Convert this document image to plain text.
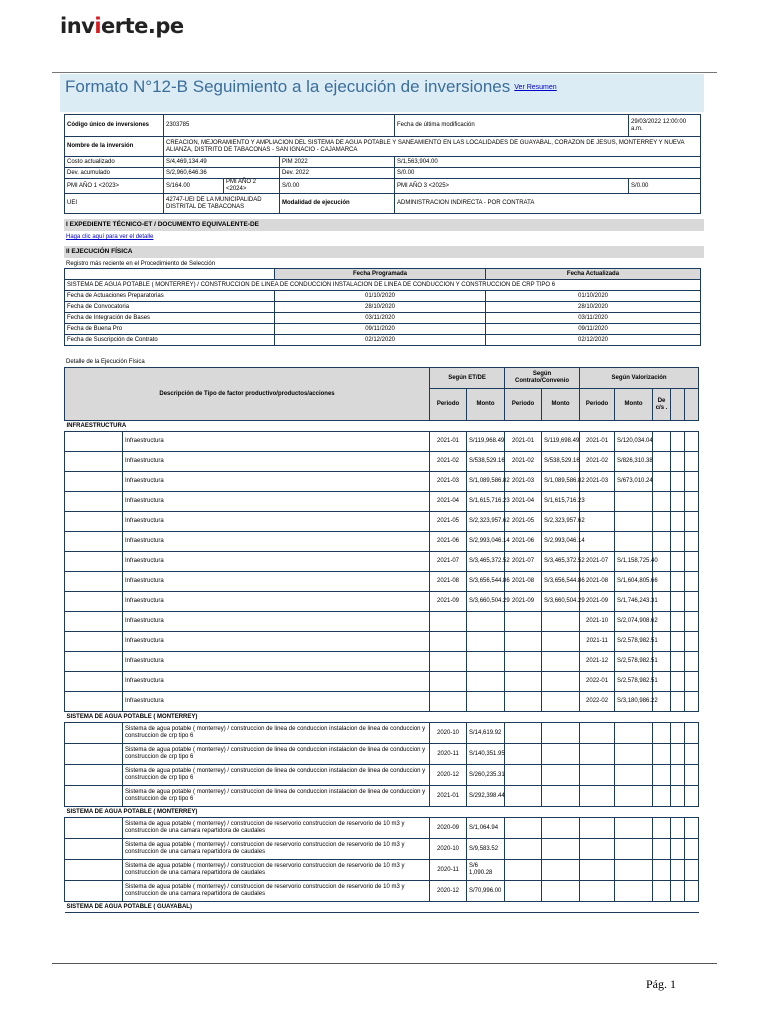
invierte.pe
Formato N°12-B Seguimiento a la ejecución de inversiones Ver Resumen
Código único de inversiones	2303785			Fecha de última modificación	29/03/2022 12:00:00 a.m.
Nombre de la inversión	CREACION, MEJORAMIENTO Y AMPLIACION DEL SISTEMA DE AGUA POTABLE Y SANEAMIENTO EN LAS LOCALIDADES DE GUAYABAL, CORAZON DE JESUS, MONTERREY Y NUEVA ALIANZA, DISTRITO DE TABACONAS - SAN IGNACIO - CAJAMARCA				
Costo actualizado	S/4,469,134.49		PIM 2022	S/1,563,904.00	
Dev. acumulado	S/2,960,646.36		Dev. 2022	S/0.00	
PMI AÑO 1 <2023>	S/164.00	PMI AÑO 2 <2024>	S/0.00	PMI AÑO 3 <2025>	S/0.00
UEI	42747-UEI DE LA MUNICIPALIDAD DISTRITAL DE TABACONAS		Modalidad de ejecución	ADMINISTRACION INDIRECTA - POR CONTRATA	
I EXPEDIENTE TÉCNICO-ET / DOCUMENTO EQUIVALENTE-DE
Haga clic aquí para ver el detalle
II EJECUCIÓN FÍSICA
Registro más reciente en el Procedimiento de Selección
	Fecha Programada	Fecha Actualizada
SISTEMA DE AGUA POTABLE ( MONTERREY) / CONSTRUCCION DE LINEA DE CONDUCCION INSTALACION DE LINEA DE CONDUCCION Y CONSTRUCCION DE CRP TIPO 6		
Fecha de Actuaciones Preparatorias	01/10/2020	01/10/2020
Fecha de Convocatoria	28/10/2020	28/10/2020
Fecha de Integración de Bases	03/11/2020	03/11/2020
Fecha de Buena Pro	09/11/2020	09/11/2020
Fecha de Suscripción de Contrato	02/12/2020	02/12/2020
Detalle de la Ejecución Física
Descripción de Tipo de factor productivo/productos/acciones		Según ET/DE		Según Contrato/Convenio		Según Valorización				
		Periodo	Monto	Periodo	Monto	Periodo	Monto	De c/s .		
INFRAESTRUCTURA										
	Infraestructura	2021-01	S/119,968.49	2021-01	S/119,698.49	2021-01	S/120,034.04			
	Infraestructura	2021-02	S/538,529.16	2021-02	S/538,529.16	2021-02	S/826,310.38			
	Infraestructura	2021-03	S/1,089,586.82	2021-03	S/1,089,586.82	2021-03	S/673,010.24			
	Infraestructura	2021-04	S/1,615,716.23	2021-04	S/1,615,716.23					
	Infraestructura	2021-05	S/2,323,957.62	2021-05	S/2,323,957.62					
	Infraestructura	2021-06	S/2,993,046.14	2021-06	S/2,993,046.14					
	Infraestructura	2021-07	S/3,465,372.52	2021-07	S/3,465,372.52	2021-07	S/1,158,725.40			
	Infraestructura	2021-08	S/3,656,544.86	2021-08	S/3,656,544.86	2021-08	S/1,604,805.66			
	Infraestructura	2021-09	S/3,660,504.29	2021-09	S/3,660,504.29	2021-09	S/1,746,243.31			
	Infraestructura					2021-10	S/2,074,908.62			
	Infraestructura					2021-11	S/2,578,982.51			
	Infraestructura					2021-12	S/2,578,982.51			
	Infraestructura					2022-01	S/2,578,982.51			
	Infraestructura					2022-02	S/3,180,986.22			
SISTEMA DE AGUA POTABLE ( MONTERREY)										
	Sistema de agua potable ( monterrey) / construccion de linea de conduccion instalacion de linea de conduccion y construccion de crp tipo 6	2020-10	S/14,619.92							
	Sistema de agua potable ( monterrey) / construccion de linea de conduccion instalacion de linea de conduccion y construccion de crp tipo 6	2020-11	S/140,351.95							
	Sistema de agua potable ( monterrey) / construccion de linea de conduccion instalacion de linea de conduccion y construccion de crp tipo 6	2020-12	S/260,235.31							
	Sistema de agua potable ( monterrey) / construccion de linea de conduccion instalacion de linea de conduccion y construccion de crp tipo 6	2021-01	S/292,398.44							
SISTEMA DE AGUA POTABLE ( MONTERREY)										
	Sistema de agua potable ( monterrey) / construccion de reservorio construccion de reservorio de 10 m3 y construccion de una camara repartidora de caudales	2020-09	S/1,064.94							
	Sistema de agua potable ( monterrey) / construccion de reservorio construccion de reservorio de 10 m3 y construccion de una camara repartidora de caudales	2020-10	S/9,583.52							
	Sistema de agua potable ( monterrey) / construccion de reservorio construccion de reservorio de 10 m3 y construccion de una camara repartidora de caudales	2020-11	S/6 1,090.28							
	Sistema de agua potable ( monterrey) / construccion de reservorio construccion de reservorio de 10 m3 y construccion de una camara repartidora de caudales	2020-12	S/70,996.00							
SISTEMA DE AGUA POTABLE ( GUAYABAL)										
Pág. 1
